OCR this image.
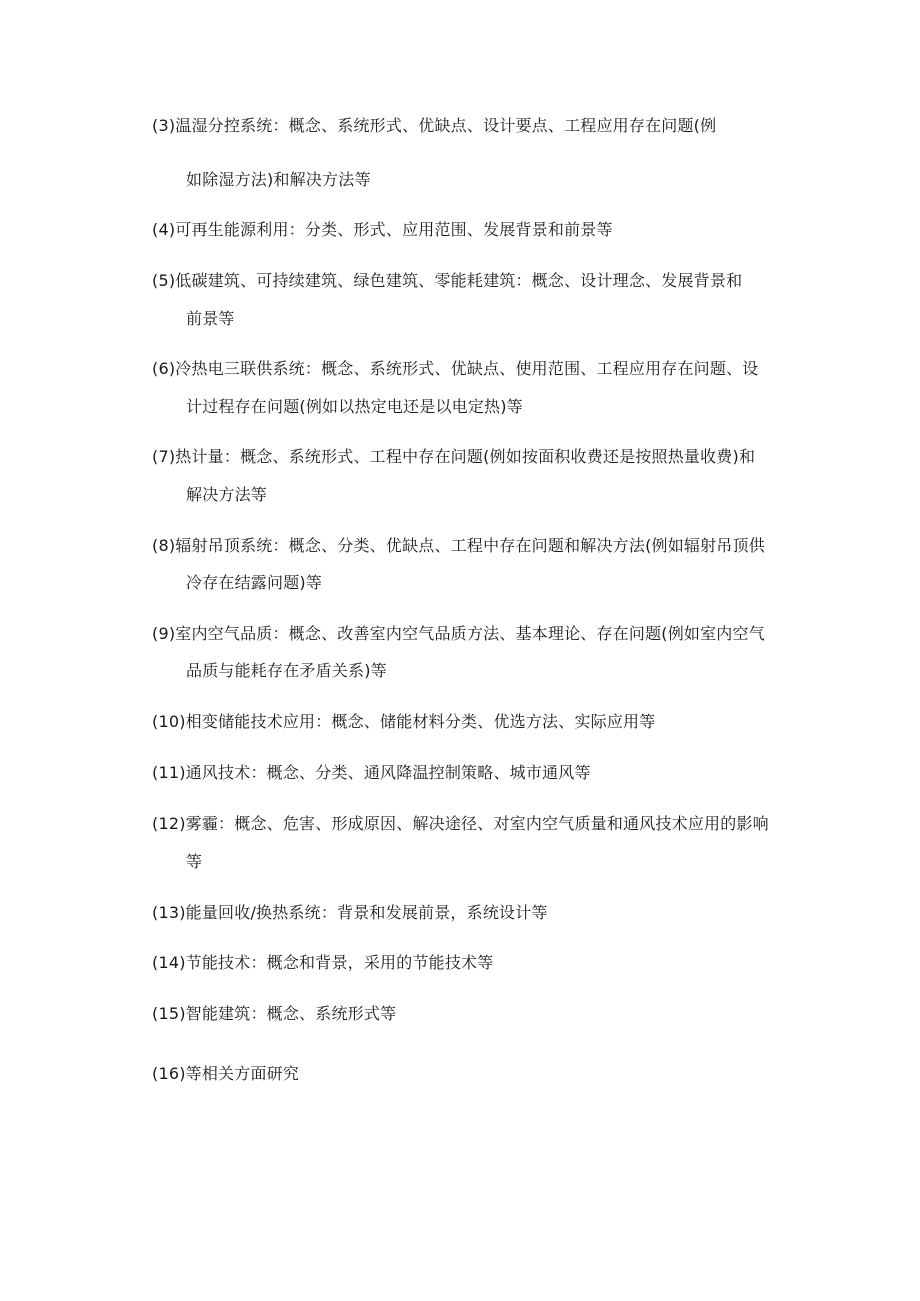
(3)温湿分控系统：概念、系统形式、优缺点、设计要点、工程应用存在问题(例
如除湿方法)和解决方法等
(4)可再生能源利用：分类、形式、应用范围、发展背景和前景等
(5)低碳建筑、可持续建筑、绿色建筑、零能耗建筑：概念、设计理念、发展背景和
前景等
(6)冷热电三联供系统：概念、系统形式、优缺点、使用范围、工程应用存在问题、设
计过程存在问题(例如以热定电还是以电定热)等
(7)热计量：概念、系统形式、工程中存在问题(例如按面积收费还是按照热量收费)和
解决方法等
(8)辐射吊顶系统：概念、分类、优缺点、工程中存在问题和解决方法(例如辐射吊顶供
冷存在结露问题)等
(9)室内空气品质：概念、改善室内空气品质方法、基本理论、存在问题(例如室内空气
品质与能耗存在矛盾关系)等
(10)相变储能技术应用：概念、储能材料分类、优选方法、实际应用等
(11)通风技术：概念、分类、通风降温控制策略、城市通风等
(12)雾霾：概念、危害、形成原因、解决途径、对室内空气质量和通风技术应用的影响
等
(13)能量回收/换热系统：背景和发展前景，系统设计等
(14)节能技术：概念和背景，采用的节能技术等
(15)智能建筑：概念、系统形式等
(16)等相关方面研究
